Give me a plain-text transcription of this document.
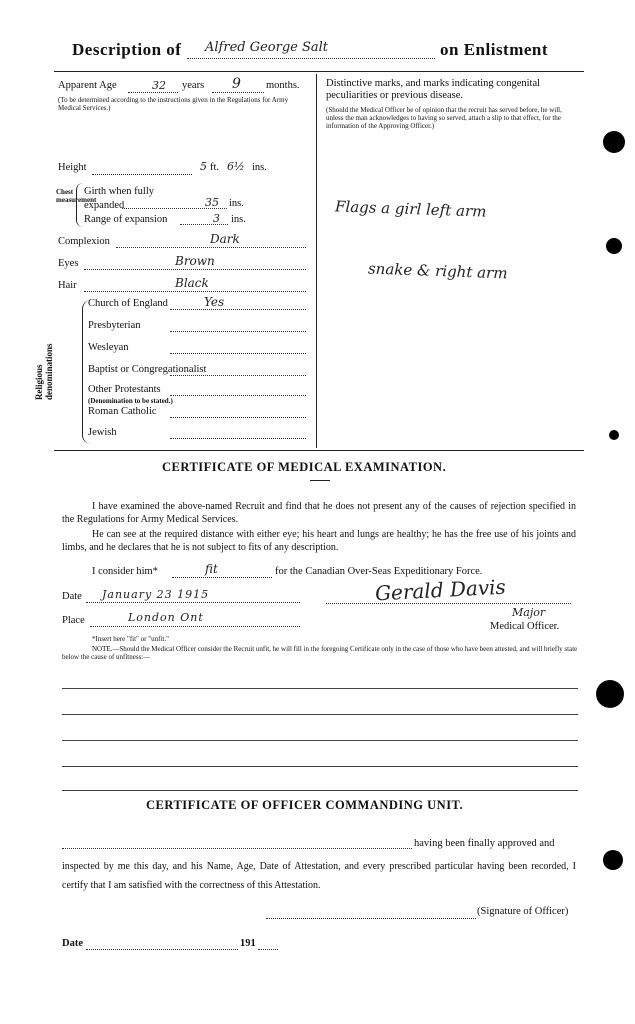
Description of Alfred George Salt	on Enlistment
Apparent Age	32 years 9 months.
(To be determined according to the instructions given in the Regulations for Army Medical Services.)
Height	5 ft. 6½ ins.
Chest measurement
Girth when fully expanded	35 ins.
Range of expansion	3 ins.
Complexion	Dark
Eyes	Brown
Hair	Black
Religious denominations
Church of England	Yes
Presbyterian
Wesleyan
Baptist or Congregationalist
Other Protestants
Roman Catholic
Jewish
(Denomination to be stated.)
Distinctive marks, and marks indicating congenital peculiarities or previous disease.
(Should the Medical Officer be of opinion that the recruit has served before, he will, unless the man acknowledges to having so served, attach a slip to that effect, for the information of the Approving Officer.)
Flags a girl left arm
snake & right arm
CERTIFICATE OF MEDICAL EXAMINATION.
I have examined the above-named Recruit and find that he does not present any of the causes of rejection specified in the Regulations for Army Medical Services.
He can see at the required distance with either eye; his heart and lungs are healthy; he has the free use of his joints and limbs, and he declares that he is not subject to fits of any description.
I consider him*	fit	for the Canadian Over-Seas Expeditionary Force.
Date January 23 1915	Gerald Davis
Place	London Ont	Major
Medical Officer.
*Insert here "fit" or "unfit."
NOTE.—Should the Medical Officer consider the Recruit unfit, he will fill in the foregoing Certificate only in the case of those who have been attested, and will briefly state below the cause of unfitness:—
CERTIFICATE OF OFFICER COMMANDING UNIT.
having been finally approved and
inspected by me this day, and his Name, Age, Date of Attestation, and every prescribed particular having been recorded, I certify that I am satisfied with the correctness of this Attestation.
(Signature of Officer)
Date	191
